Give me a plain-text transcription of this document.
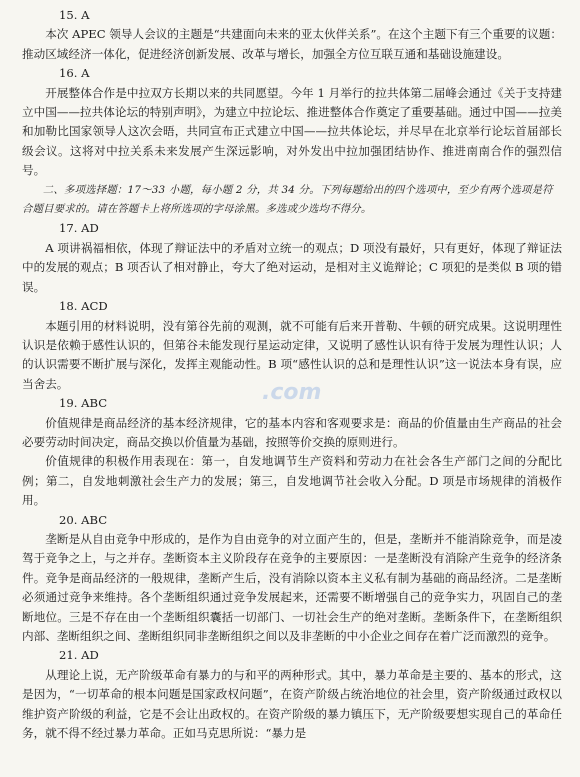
15. A

本次 APEC 领导人会议的主题是“共建面向未来的亚太伙伴关系”。在这个主题下有三个重要的议题：推动区域经济一体化，促进经济创新发展、改革与增长，加强全方位互联互通和基础设施建设。

16. A

开展整体合作是中拉双方长期以来的共同愿望。今年 1 月举行的拉共体第二届峰会通过《关于支持建立中国——拉共体论坛的特别声明》，为建立中拉论坛、推进整体合作奠定了重要基础。通过中国——拉美和加勒比国家领导人这次会晤，共同宣布正式建立中国——拉共体论坛，并尽早在北京举行论坛首届部长级会议。这将对中拉关系未来发展产生深远影响，对外发出中拉加强团结协作、推进南南合作的强烈信号。

二、多项选择题：17～33 小题，每小题 2 分，共 34 分。下列每题给出的四个选项中，至少有两个选项是符合题目要求的。请在答题卡上将所选项的字母涂黑。多选或少选均不得分。

17. AD

A 项讲祸福相依，体现了辩证法中的矛盾对立统一的观点；D 项没有最好，只有更好，体现了辩证法中的发展的观点；B 项否认了相对静止，夸大了绝对运动，是相对主义诡辩论；C 项犯的是类似 B 项的错误。

18. ACD

本题引用的材料说明，没有第谷先前的观测，就不可能有后来开普勒、牛顿的研究成果。这说明理性认识是依赖于感性认识的，但第谷未能发现行星运动定律，又说明了感性认识有待于发展为理性认识；人的认识需要不断扩展与深化，发挥主观能动性。B 项“感性认识的总和是理性认识”这一说法本身有误，应当舍去。

19. ABC

价值规律是商品经济的基本经济规律，它的基本内容和客观要求是：商品的价值量由生产商品的社会必要劳动时间决定，商品交换以价值量为基础，按照等价交换的原则进行。

价值规律的积极作用表现在：第一，自发地调节生产资料和劳动力在社会各生产部门之间的分配比例；第二，自发地刺激社会生产力的发展；第三，自发地调节社会收入分配。D 项是市场规律的消极作用。

20. ABC

垄断是从自由竞争中形成的，是作为自由竞争的对立面产生的，但是，垄断并不能消除竞争，而是凌驾于竞争之上，与之并存。垄断资本主义阶段存在竞争的主要原因：一是垄断没有消除产生竞争的经济条件。竞争是商品经济的一般规律，垄断产生后，没有消除以资本主义私有制为基础的商品经济。二是垄断必须通过竞争来维持。各个垄断组织通过竞争发展起来，还需要不断增强自己的竞争实力，巩固自己的垄断地位。三是不存在由一个垄断组织囊括一切部门、一切社会生产的绝对垄断。垄断条件下，在垄断组织内部、垄断组织之间、垄断组织同非垄断组织之间以及非垄断的中小企业之间存在着广泛而激烈的竞争。

21. AD

从理论上说，无产阶级革命有暴力的与和平的两种形式。其中，暴力革命是主要的、基本的形式，这是因为，“一切革命的根本问题是国家政权问题”，在资产阶级占统治地位的社会里，资产阶级通过政权以维护资产阶级的利益，它是不会让出政权的。在资产阶级的暴力镇压下，无产阶级要想实现自己的革命任务，就不得不经过暴力革命。正如马克思所说：“暴力是

.com
